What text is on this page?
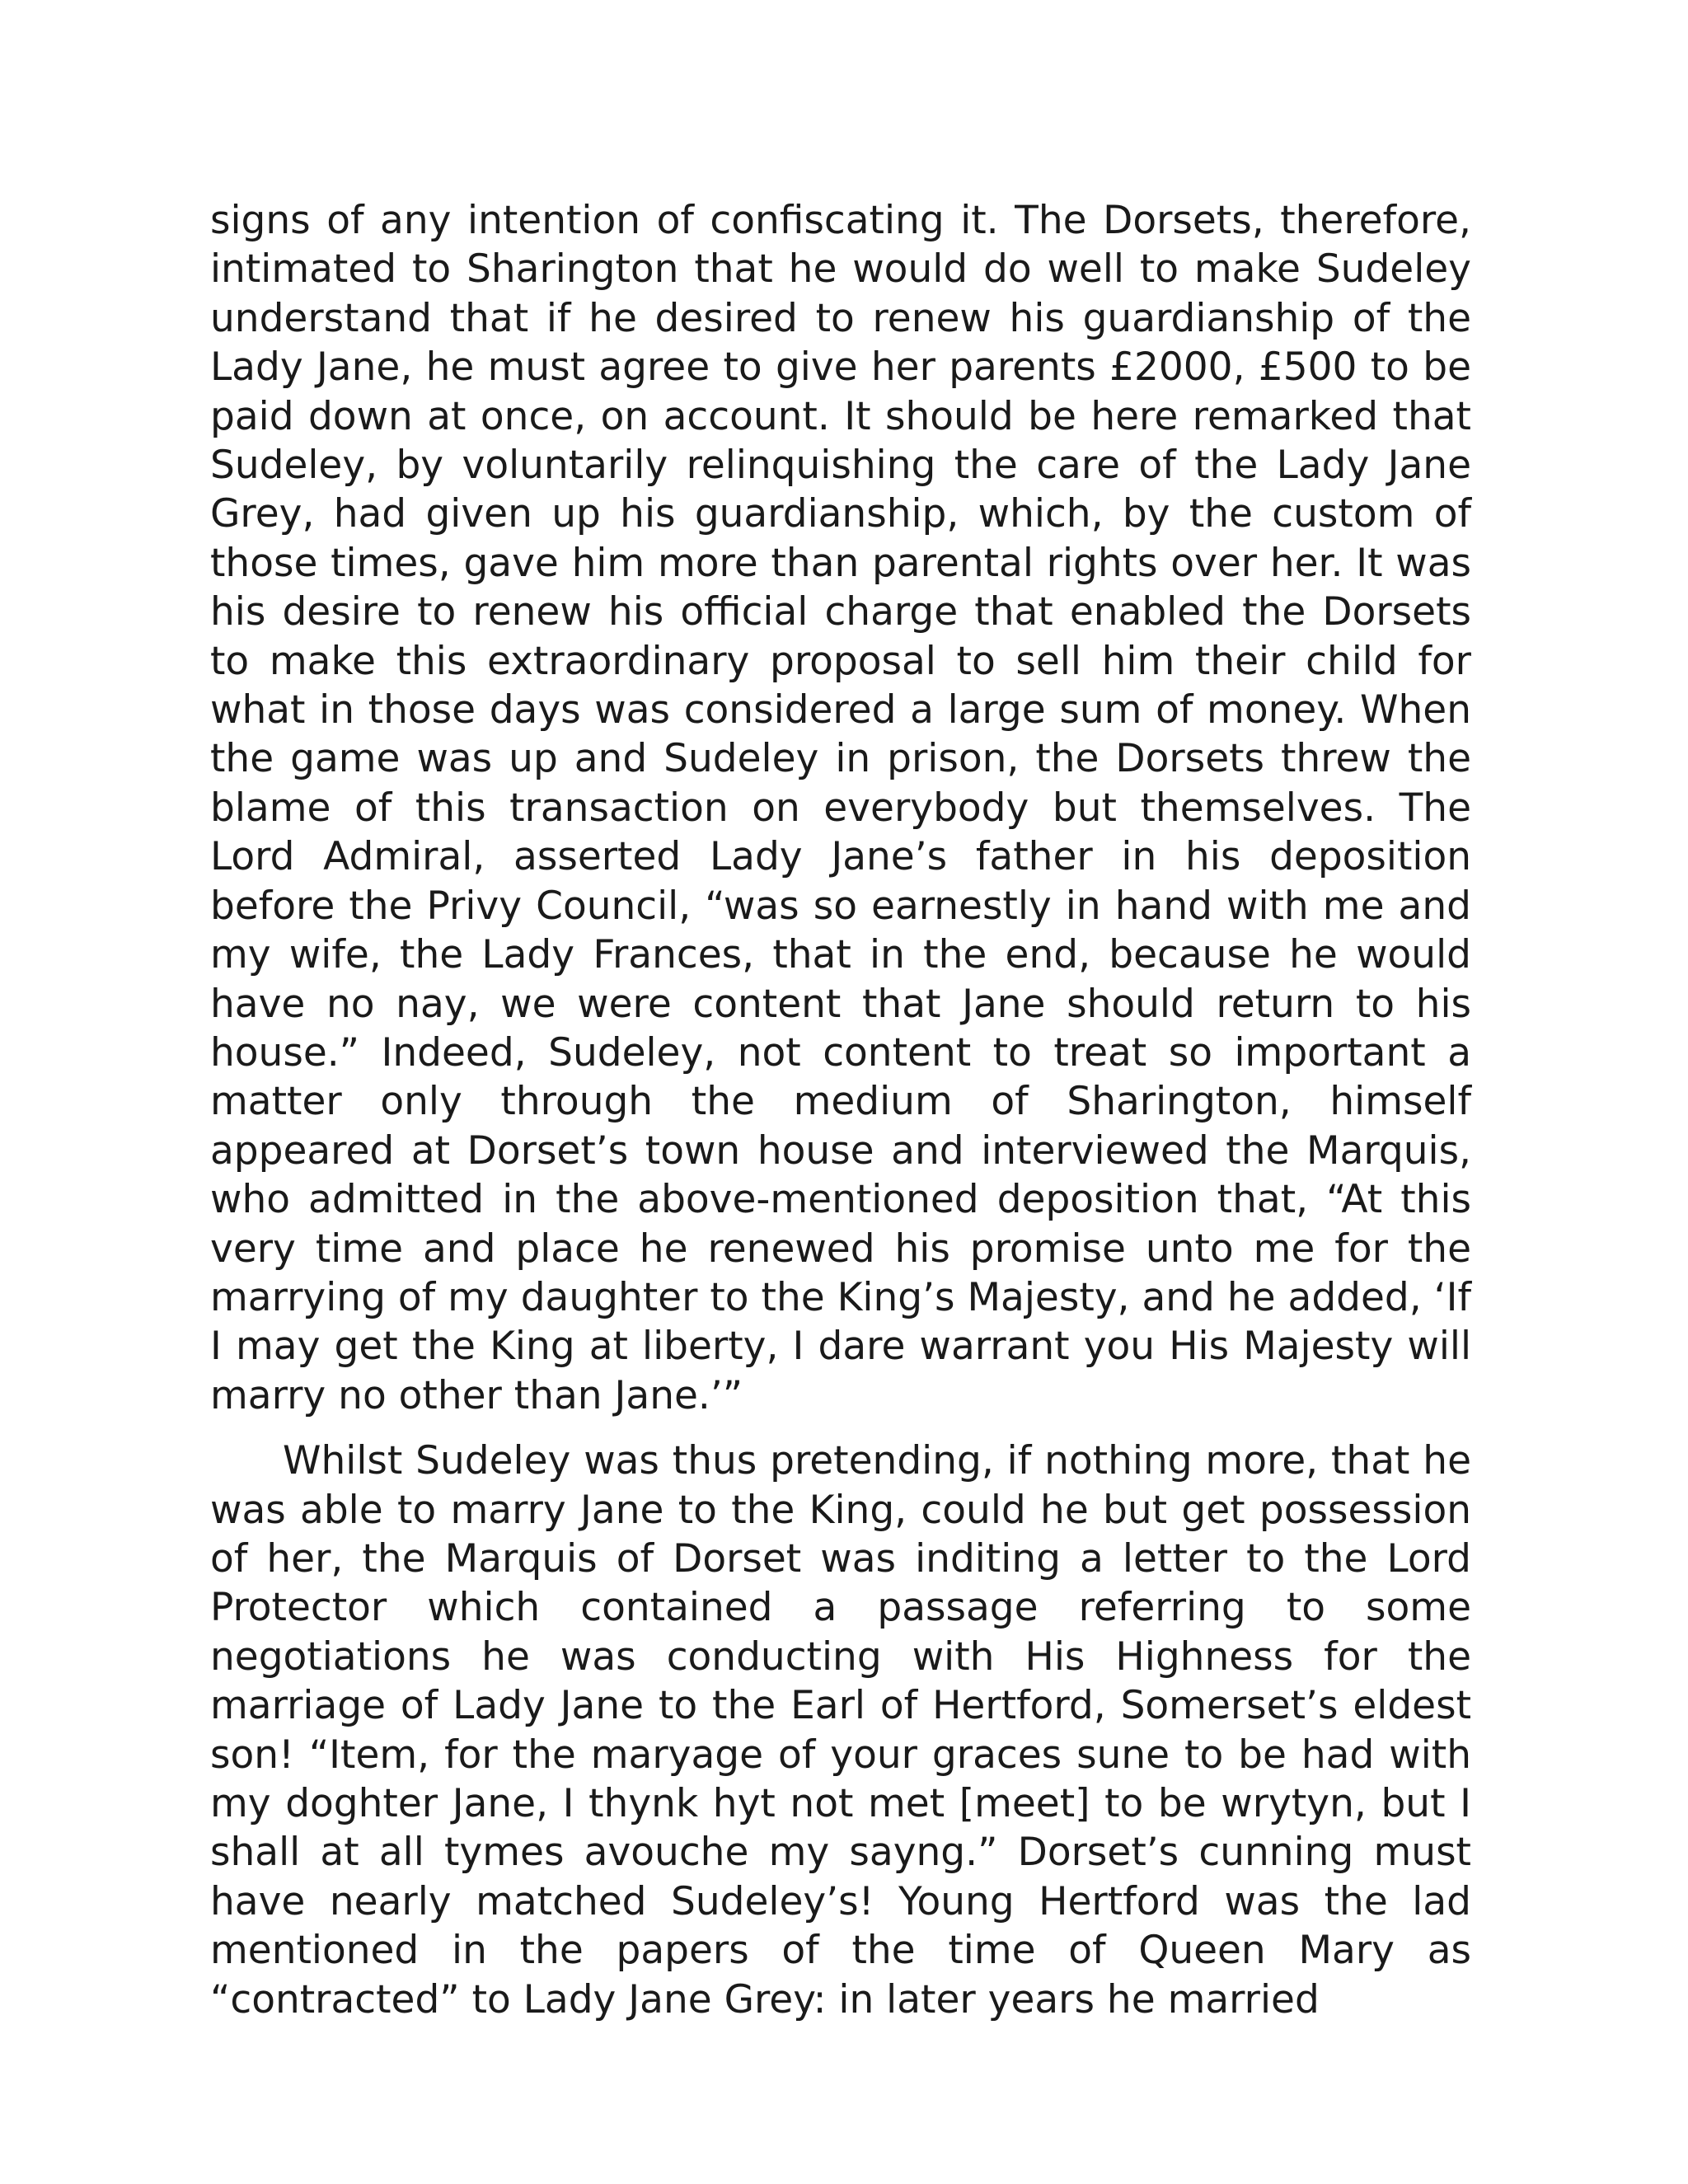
signs of any intention of confiscating it. The Dorsets, therefore, intimated to Sharington that he would do well to make Sudeley understand that if he desired to renew his guardianship of the Lady Jane, he must agree to give her parents £2000, £500 to be paid down at once, on account. It should be here remarked that Sudeley, by voluntarily relinquishing the care of the Lady Jane Grey, had given up his guardianship, which, by the custom of those times, gave him more than parental rights over her. It was his desire to renew his official charge that enabled the Dorsets to make this extraordinary proposal to sell him their child for what in those days was considered a large sum of money. When the game was up and Sudeley in prison, the Dorsets threw the blame of this transaction on everybody but themselves. The Lord Admiral, asserted Lady Jane’s father in his deposition before the Privy Council, “was so earnestly in hand with me and my wife, the Lady Frances, that in the end, because he would have no nay, we were content that Jane should return to his house.” Indeed, Sudeley, not content to treat so important a matter only through the medium of Sharington, himself appeared at Dorset’s town house and interviewed the Marquis, who admitted in the above-mentioned deposition that, “At this very time and place he renewed his promise unto me for the marrying of my daughter to the King’s Majesty, and he added, ‘If I may get the King at liberty, I dare warrant you His Majesty will marry no other than Jane.’”

Whilst Sudeley was thus pretending, if nothing more, that he was able to marry Jane to the King, could he but get possession of her, the Marquis of Dorset was inditing a letter to the Lord Protector which contained a passage referring to some negotiations he was conducting with His Highness for the marriage of Lady Jane to the Earl of Hertford, Somerset’s eldest son! “Item, for the maryage of your graces sune to be had with my doghter Jane, I thynk hyt not met [meet] to be wrytyn, but I shall at all tymes avouche my sayng.” Dorset’s cunning must have nearly matched Sudeley’s! Young Hertford was the lad mentioned in the papers of the time of Queen Mary as “contracted” to Lady Jane Grey: in later years he married
